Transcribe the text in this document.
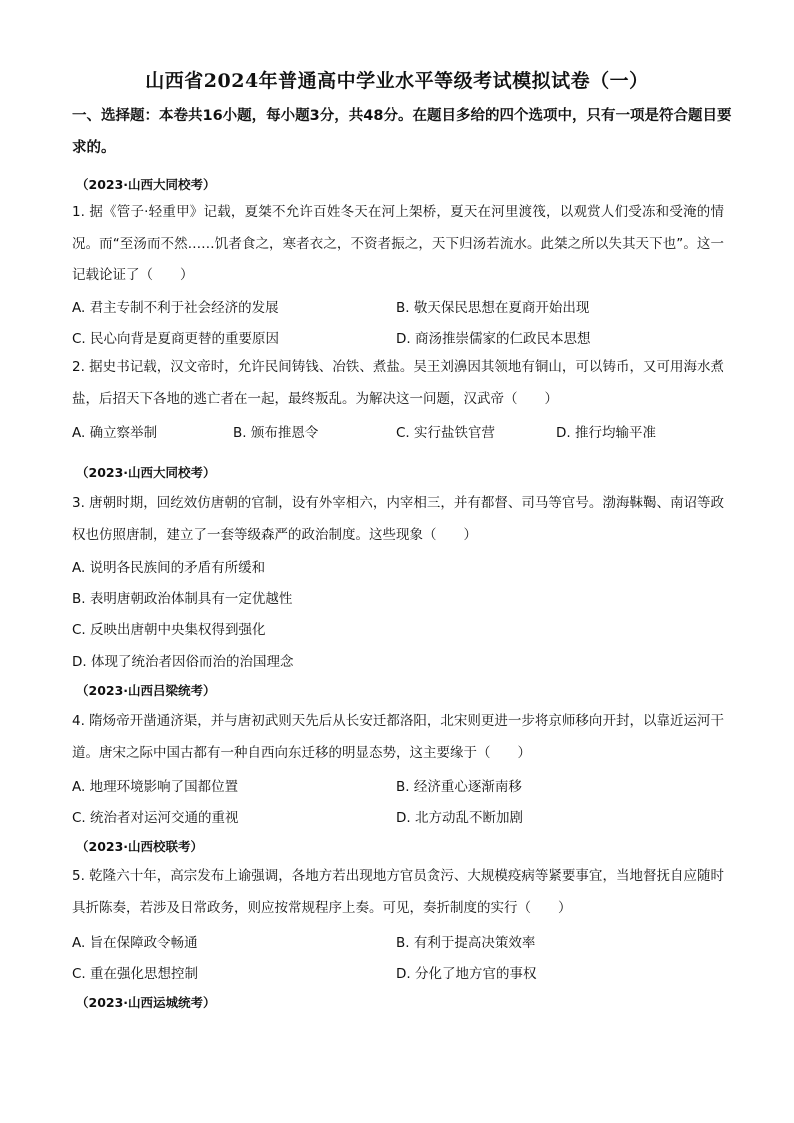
山西省2024年普通高中学业水平等级考试模拟试卷（一）
一、选择题：本卷共16小题，每小题3分，共48分。在题目多给的四个选项中，只有一项是符合题目要求的。
（2023·山西大同校考）
1. 据《管子·轻重甲》记载，夏桀不允许百姓冬天在河上架桥，夏天在河里渡筏，以观赏人们受冻和受淹的情况。而“至汤而不然……饥者食之，寒者衣之，不资者振之，天下归汤若流水。此桀之所以失其天下也”。这一记载论证了（　　）
A. 君主专制不利于社会经济的发展	B. 敬天保民思想在夏商开始出现
C. 民心向背是夏商更替的重要原因	D. 商汤推崇儒家的仁政民本思想
2. 据史书记载，汉文帝时，允许民间铸钱、冶铁、煮盐。吴王刘濞因其领地有铜山，可以铸币，又可用海水煮盐，后招天下各地的逃亡者在一起，最终叛乱。为解决这一问题，汉武帝（　　）
A. 确立察举制	B. 颁布推恩令	C. 实行盐铁官营	D. 推行均输平准
（2023·山西大同校考）
3. 唐朝时期，回纥效仿唐朝的官制，设有外宰相六，内宰相三，并有都督、司马等官号。渤海靺鞨、南诏等政权也仿照唐制，建立了一套等级森严的政治制度。这些现象（　　）
A. 说明各民族间的矛盾有所缓和
B. 表明唐朝政治体制具有一定优越性
C. 反映出唐朝中央集权得到强化
D. 体现了统治者因俗而治的治国理念
（2023·山西吕梁统考）
4. 隋炀帝开凿通济渠，并与唐初武则天先后从长安迁都洛阳，北宋则更进一步将京师移向开封，以靠近运河干道。唐宋之际中国古都有一种自西向东迁移的明显态势，这主要缘于（　　）
A. 地理环境影响了国都位置	B. 经济重心逐渐南移
C. 统治者对运河交通的重视	D. 北方动乱不断加剧
（2023·山西校联考）
5. 乾隆六十年，高宗发布上谕强调，各地方若出现地方官员贪污、大规模疫病等紧要事宜，当地督抚自应随时具折陈奏，若涉及日常政务，则应按常规程序上奏。可见，奏折制度的实行（　　）
A. 旨在保障政令畅通	B. 有利于提高决策效率
C. 重在强化思想控制	D. 分化了地方官的事权
（2023·山西运城统考）
